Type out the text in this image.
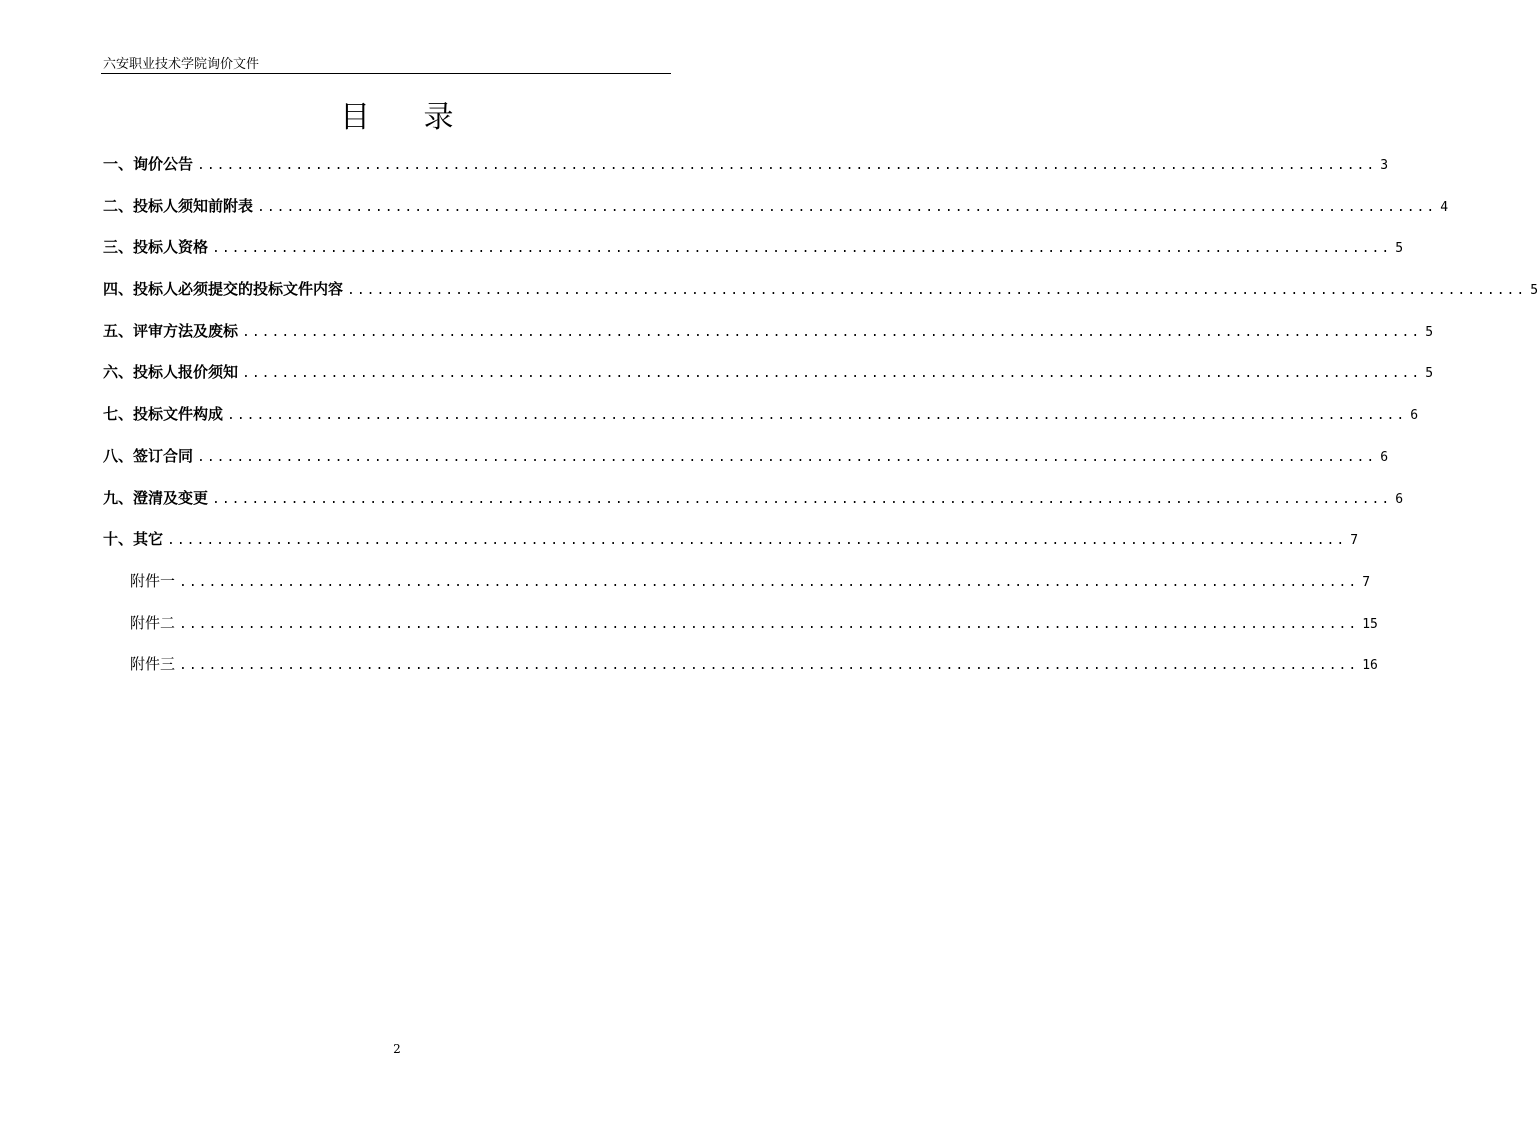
六安职业技术学院询价文件
目 录
一、询价公告 ........................................................................................................................ 3
二、投标人须知前附表 ........................................................................................................................ 4
三、投标人资格 ........................................................................................................................ 5
四、投标人必须提交的投标文件内容 ........................................................................................................................ 5
五、评审方法及废标 ........................................................................................................................ 5
六、投标人报价须知 ........................................................................................................................ 5
七、投标文件构成 ........................................................................................................................ 6
八、签订合同 ........................................................................................................................ 6
九、澄清及变更 ........................................................................................................................ 6
十、其它 ........................................................................................................................ 7
附件一 ........................................................................................................................ 7
附件二 ........................................................................................................................ 15
附件三 ........................................................................................................................ 16
2
